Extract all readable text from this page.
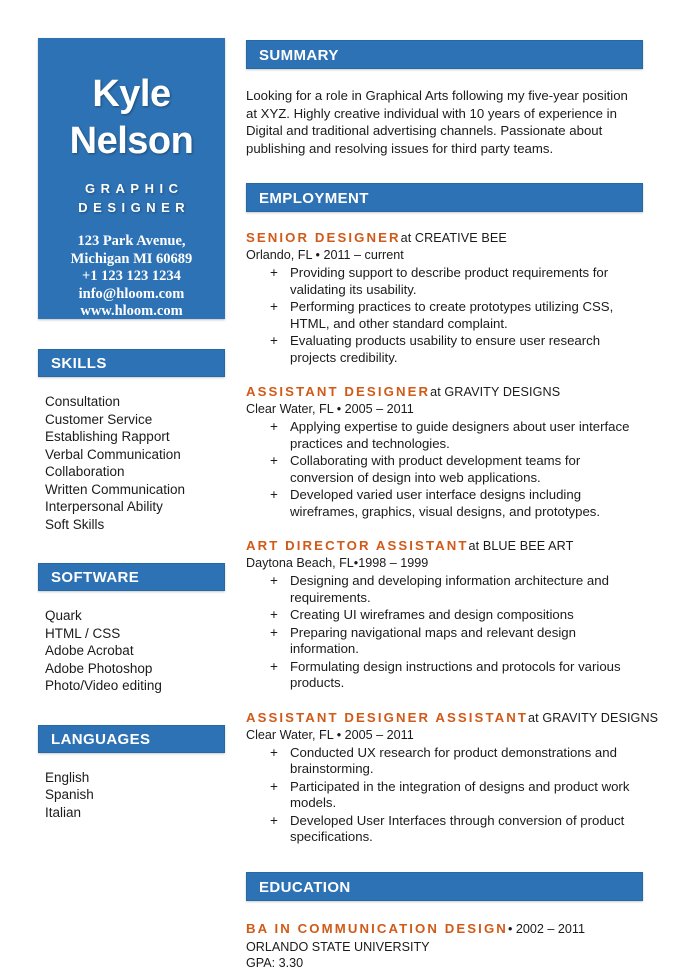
Kyle
Nelson
GRAPHIC
DESIGNER
123 Park Avenue,
Michigan MI 60689
+1 123 123 1234
info@hloom.com
www.hloom.com
SKILLS
Consultation
Customer Service
Establishing Rapport
Verbal Communication
Collaboration
Written Communication
Interpersonal Ability
Soft Skills
SOFTWARE
Quark
HTML / CSS
Adobe Acrobat
Adobe Photoshop
Photo/Video editing
LANGUAGES
English
Spanish
Italian
SUMMARY
Looking for a role in Graphical Arts following my five-year position at XYZ. Highly creative individual with 10 years of experience in Digital and traditional advertising channels. Passionate about publishing and resolving issues for third party teams.
EMPLOYMENT
SENIOR DESIGNERat CREATIVE BEE
Orlando, FL • 2011 – current
+ Providing support to describe product requirements for validating its usability.
+ Performing practices to create prototypes utilizing CSS, HTML, and other standard complaint.
+ Evaluating products usability to ensure user research projects credibility.
ASSISTANT DESIGNERat GRAVITY DESIGNS
Clear Water, FL • 2005 – 2011
+ Applying expertise to guide designers about user interface practices and technologies.
+ Collaborating with product development teams for conversion of design into web applications.
+ Developed varied user interface designs including wireframes, graphics, visual designs, and prototypes.
ART DIRECTOR ASSISTANTat BLUE BEE ART
Daytona Beach, FL•1998 – 1999
+ Designing and developing information architecture and requirements.
+ Creating UI wireframes and design compositions
+ Preparing navigational maps and relevant design information.
+ Formulating design instructions and protocols for various products.
ASSISTANT DESIGNER ASSISTANTat GRAVITY DESIGNS
Clear Water, FL • 2005 – 2011
+ Conducted UX research for product demonstrations and brainstorming.
+ Participated in the integration of designs and product work models.
+ Developed User Interfaces through conversion of product specifications.
EDUCATION
BA IN COMMUNICATION DESIGN• 2002 – 2011
ORLANDO STATE UNIVERSITY
GPA: 3.30
